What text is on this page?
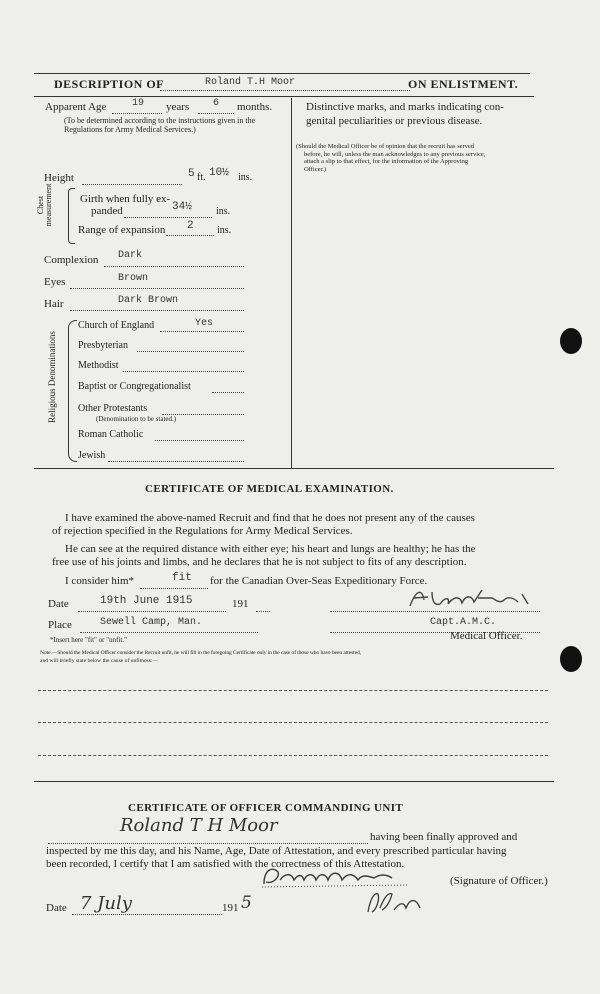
DESCRIPTION OF	Roland T.H Moor	ON ENLISTMENT.
Apparent Age	19 years 6 months.
(To be determined according to the instructions given in the Regulations for Army Medical Services.)
Height	5 ft. 10½ ins.
Chest measurement Girth when fully ex-
panded	34½ ins.
Range of expansion 2 ins.
Complexion Dark
Eyes	Brown
Hair	Dark Brown
Religious Denominations
Church of England	Yes
Presbyterian
Methodist
Baptist or Congregationalist
Other Protestants
(Denomination to be stated.)
Roman Catholic
Jewish
Distinctive marks, and marks indicating con-
genital peculiarities or previous disease.
(Should the Medical Officer be of opinion that the recruit has served
before, he will, unless the man acknowledges to any previous service,
attach a slip to that effect, for the information of the Approving
Officer.)
CERTIFICATE OF MEDICAL EXAMINATION.
I have examined the above-named Recruit and find that he does not present any of the causes
of rejection specified in the Regulations for Army Medical Services.
He can see at the required distance with either eye; his heart and lungs are healthy; he has the
free use of his joints and limbs, and he declares that he is not subject to fits of any description.
I consider him*	fit for the Canadian Over-Seas Expeditionary Force.
Date	19th June 1915	191
Place	Sewell Camp, Man.	Capt.A.M.C.
Medical Officer.
*Insert here "fit" or "unfit."
Note.—Should the Medical Officer consider the Recruit unfit, he will fill in the foregoing Certificate only in the case of those who have been attested,
and will briefly state below the cause of unfitness:—
CERTIFICATE OF OFFICER COMMANDING UNIT
Roland T H Moor
having been finally approved and
inspected by me this day, and his Name, Age, Date of Attestation, and every prescribed particular having
been recorded, I certify that I am satisfied with the correctness of this Attestation.
(Signature of Officer.)
Date 7 July	191 5
